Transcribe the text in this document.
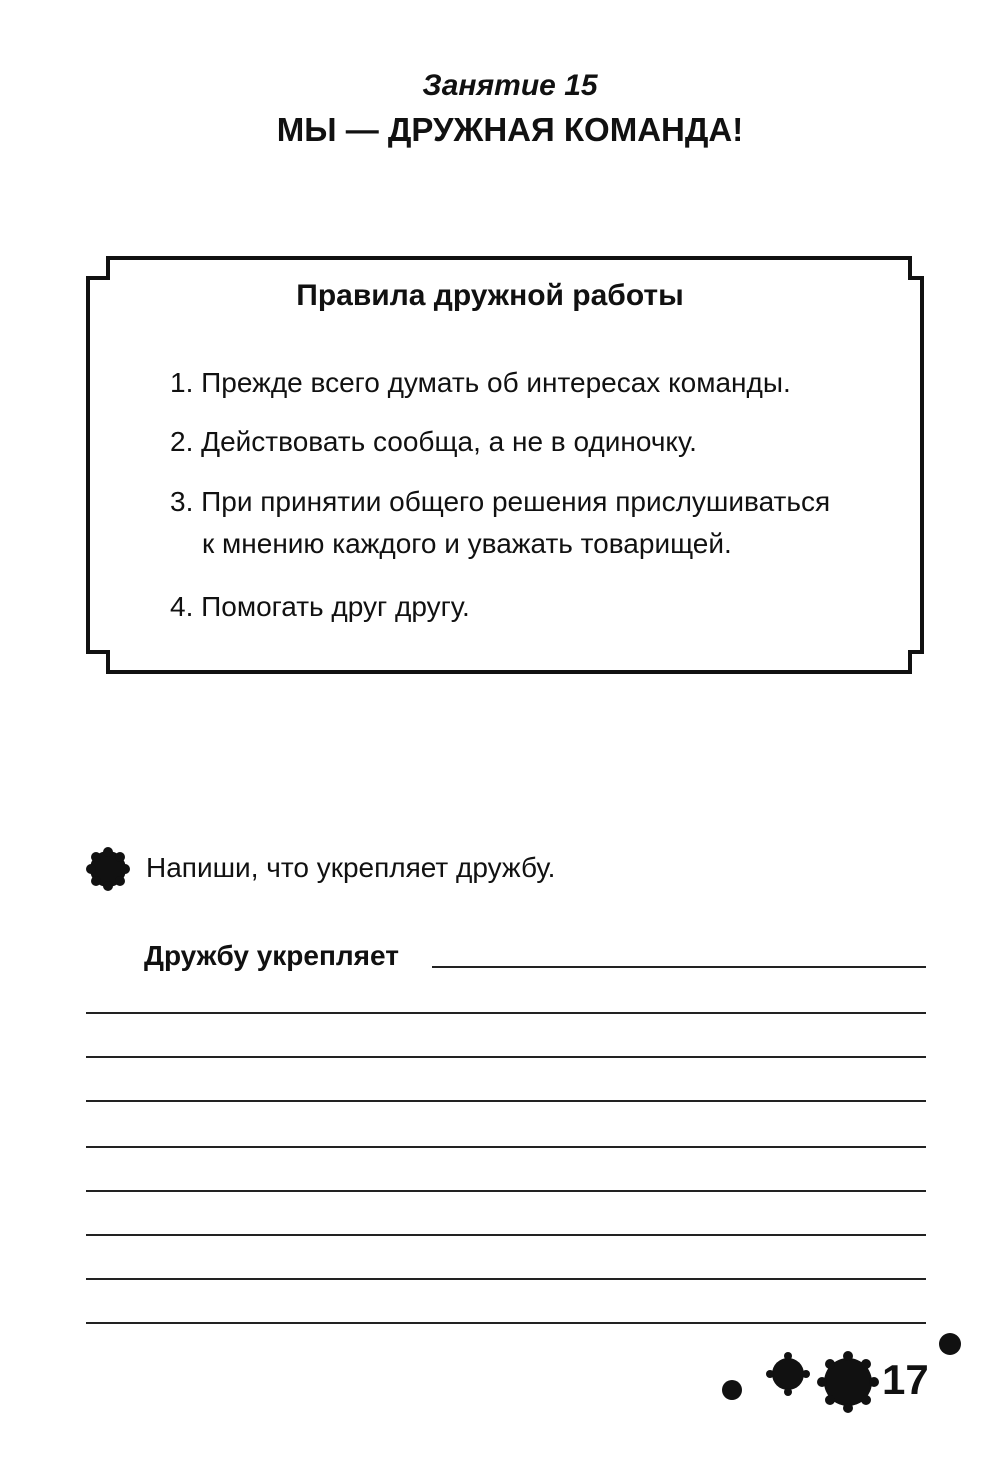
Занятие 15
МЫ — ДРУЖНАЯ КОМАНДА!
Правила дружной работы
1. Прежде всего думать об интересах команды.
2. Действовать сообща, а не в одиночку.
3. При принятии общего решения прислушиваться
к мнению каждого и уважать товарищей.
4. Помогать друг другу.
Напиши, что укрепляет дружбу.
Дружбу укрепляет
17
